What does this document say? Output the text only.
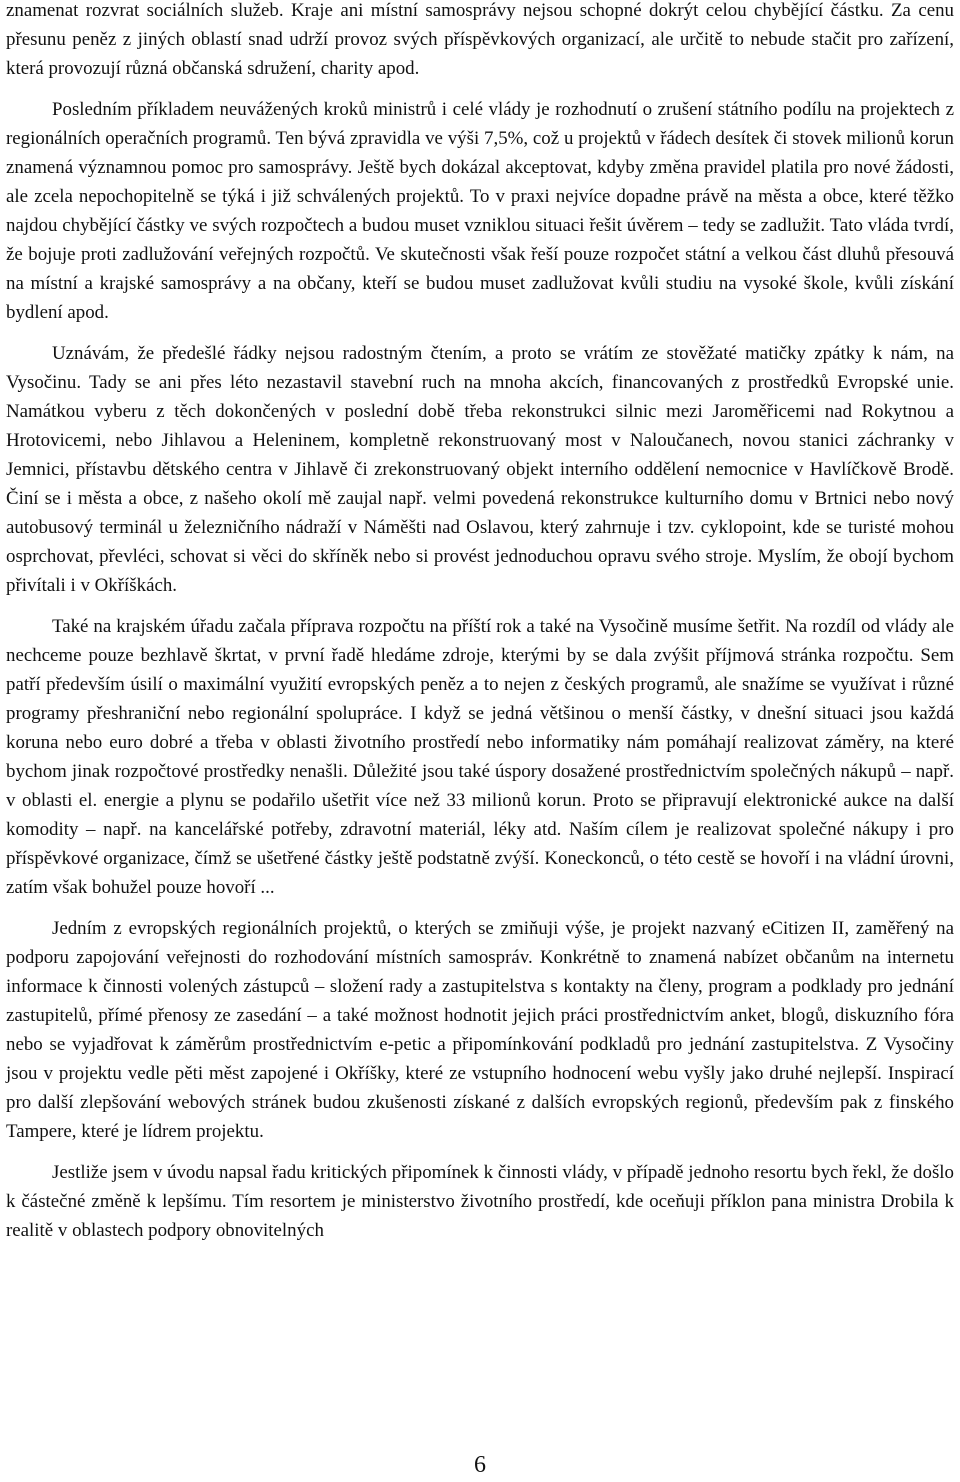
znamenat rozvrat sociálních služeb. Kraje ani místní samosprávy nejsou schopné dokrýt celou chybějící částku. Za cenu přesunu peněz z jiných oblastí snad udrží provoz svých příspěvkových organizací, ale určitě to nebude stačit pro zařízení, která provozují různá občanská sdružení, charity apod.

Posledním příkladem neuvážených kroků ministrů i celé vlády je rozhodnutí o zrušení státního podílu na projektech z regionálních operačních programů. Ten bývá zpravidla ve výši 7,5%, což u projektů v řádech desítek či stovek milionů korun znamená významnou pomoc pro samosprávy. Ještě bych dokázal akceptovat, kdyby změna pravidel platila pro nové žádosti, ale zcela nepochopitelně se týká i již schválených projektů. To v praxi nejvíce dopadne právě na města a obce, které těžko najdou chybějící částky ve svých rozpočtech a budou muset vzniklou situaci řešit úvěrem – tedy se zadlužit. Tato vláda tvrdí, že bojuje proti zadlužování veřejných rozpočtů. Ve skutečnosti však řeší pouze rozpočet státní a velkou část dluhů přesouvá na místní a krajské samosprávy a na občany, kteří se budou muset zadlužovat kvůli studiu na vysoké škole, kvůli získání bydlení apod.

Uznávám, že předešlé řádky nejsou radostným čtením, a proto se vrátím ze stověžaté matičky zpátky k nám, na Vysočinu. Tady se ani přes léto nezastavil stavební ruch na mnoha akcích, financovaných z prostředků Evropské unie. Namátkou vyberu z těch dokončených v poslední době třeba rekonstrukci silnic mezi Jaroměřicemi nad Rokytnou a Hrotovicemi, nebo Jihlavou a Heleninem, kompletně rekonstruovaný most v Naloučanech, novou stanici záchranky v Jemnici, přístavbu dětského centra v Jihlavě či zrekonstruovaný objekt interního oddělení nemocnice v Havlíčkově Brodě. Činí se i města a obce, z našeho okolí mě zaujal např. velmi povedená rekonstrukce kulturního domu v Brtnici nebo nový autobusový terminál u železničního nádraží v Náměšti nad Oslavou, který zahrnuje i tzv. cyklopoint, kde se turisté mohou osprchovat, převléci, schovat si věci do skříněk nebo si provést jednoduchou opravu svého stroje. Myslím, že obojí bychom přivítali i v Okříškách.

Také na krajském úřadu začala příprava rozpočtu na příští rok a také na Vysočině musíme šetřit. Na rozdíl od vlády ale nechceme pouze bezhlavě škrtat, v první řadě hledáme zdroje, kterými by se dala zvýšit příjmová stránka rozpočtu. Sem patří především úsilí o maximální využití evropských peněz a to nejen z českých programů, ale snažíme se využívat i různé programy přeshraniční nebo regionální spolupráce. I když se jedná většinou o menší částky, v dnešní situaci jsou každá koruna nebo euro dobré a třeba v oblasti životního prostředí nebo informatiky nám pomáhají realizovat záměry, na které bychom jinak rozpočtové prostředky nenašli. Důležité jsou také úspory dosažené prostřednictvím společných nákupů – např. v oblasti el. energie a plynu se podařilo ušetřit více než 33 milionů korun. Proto se připravují elektronické aukce na další komodity – např. na kancelářské potřeby, zdravotní materiál, léky atd. Naším cílem je realizovat společné nákupy i pro příspěvkové organizace, čímž se ušetřené částky ještě podstatně zvýší. Koneckonců, o této cestě se hovoří i na vládní úrovni, zatím však bohužel pouze hovoří ...

Jedním z evropských regionálních projektů, o kterých se zmiňuji výše, je projekt nazvaný eCitizen II, zaměřený na podporu zapojování veřejnosti do rozhodování místních samospráv. Konkrétně to znamená nabízet občanům na internetu informace k činnosti volených zástupců – složení rady a zastupitelstva s kontakty na členy, program a podklady pro jednání zastupitelů, přímé přenosy ze zasedání – a také možnost hodnotit jejich práci prostřednictvím anket, blogů, diskuzního fóra nebo se vyjadřovat k záměrům prostřednictvím e-petic a připomínkování podkladů pro jednání zastupitelstva. Z Vysočiny jsou v projektu vedle pěti měst zapojené i Okříšky, které ze vstupního hodnocení webu vyšly jako druhé nejlepší. Inspirací pro další zlepšování webových stránek budou zkušenosti získané z dalších evropských regionů, především pak z finského Tampere, které je lídrem projektu.

Jestliže jsem v úvodu napsal řadu kritických připomínek k činnosti vlády, v případě jednoho resortu bych řekl, že došlo k částečné změně k lepšímu. Tím resortem je ministerstvo životního prostředí, kde oceňuji příklon pana ministra Drobila k realitě v oblastech podpory obnovitelných

6
